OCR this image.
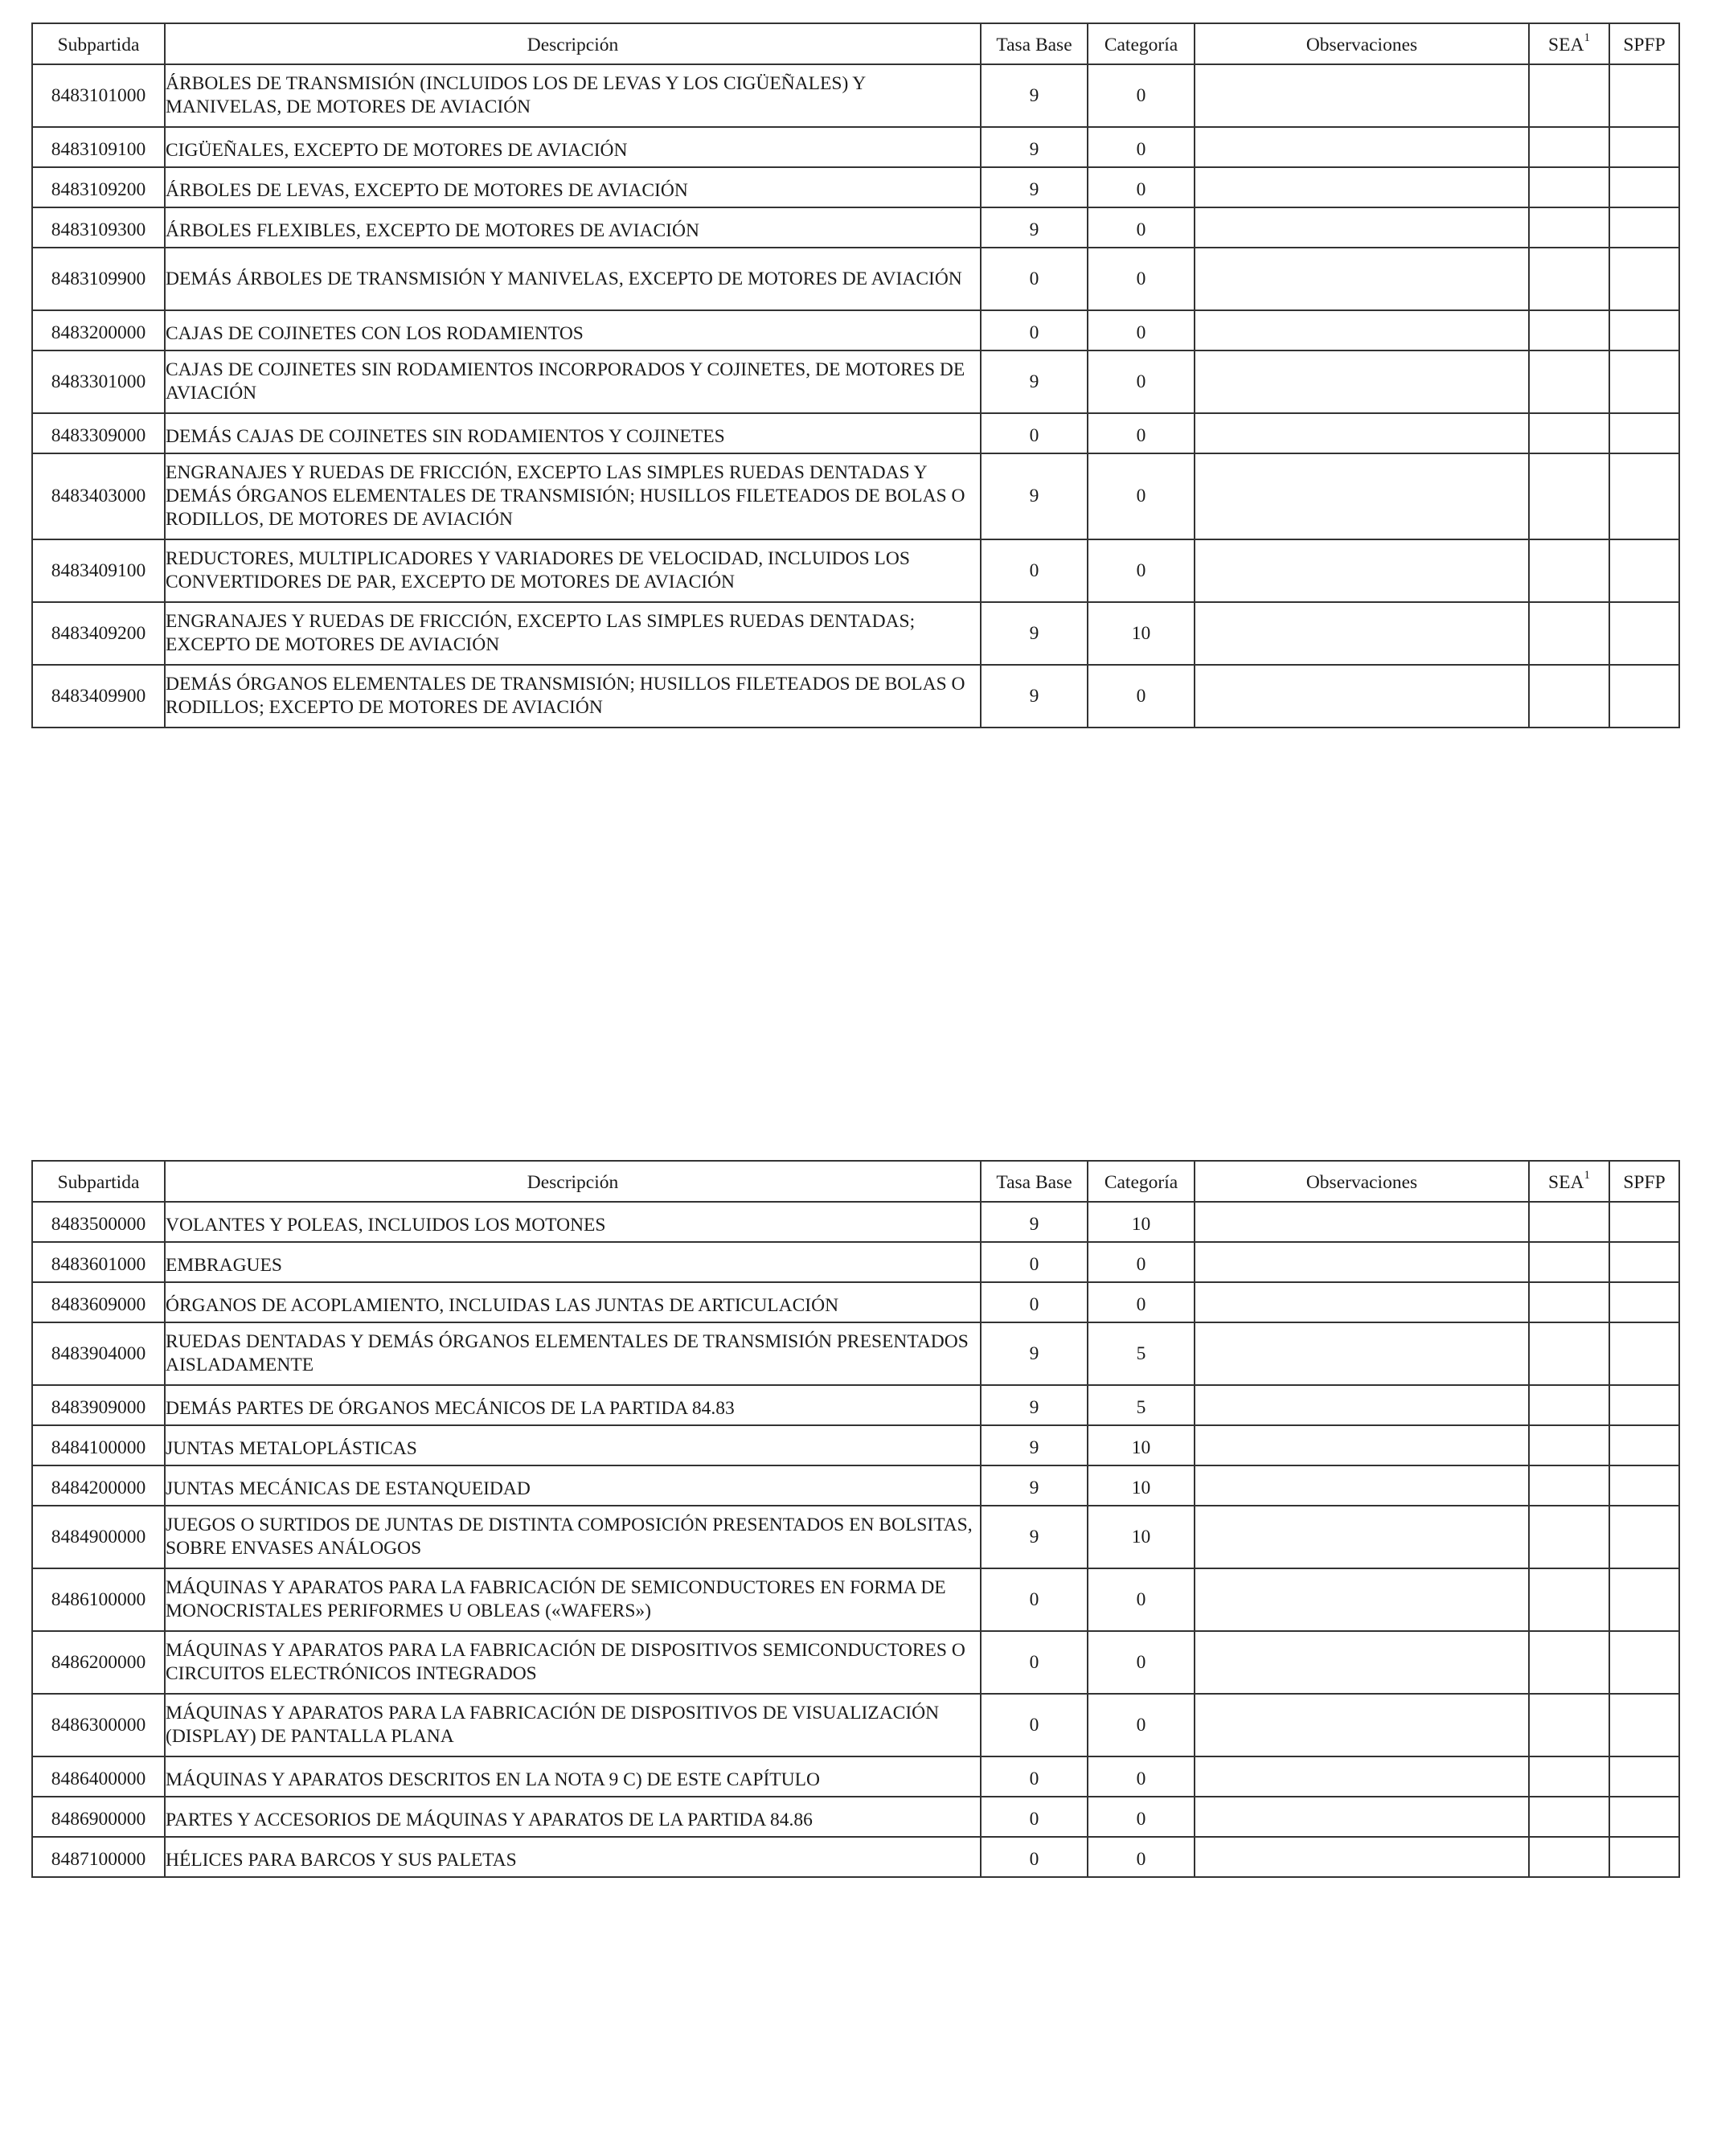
Subpartida	Descripción	Tasa Base	Categoría	Observaciones	SEA$^1$	SPFP
8483101000	ÁRBOLES DE TRANSMISIÓN (INCLUIDOS LOS DE LEVAS Y LOS CIGÜEÑALES) Y MANIVELAS, DE MOTORES DE AVIACIÓN	9	0			
8483109100	CIGÜEÑALES, EXCEPTO DE MOTORES DE AVIACIÓN	9	0			
8483109200	ÁRBOLES DE LEVAS, EXCEPTO DE MOTORES DE AVIACIÓN	9	0			
8483109300	ÁRBOLES FLEXIBLES, EXCEPTO DE MOTORES DE AVIACIÓN	9	0			
8483109900	DEMÁS ÁRBOLES DE TRANSMISIÓN Y MANIVELAS, EXCEPTO DE MOTORES DE AVIACIÓN	0	0			
8483200000	CAJAS DE COJINETES CON LOS RODAMIENTOS	0	0			
8483301000	CAJAS DE COJINETES SIN RODAMIENTOS INCORPORADOS Y COJINETES, DE MOTORES DE AVIACIÓN	9	0			
8483309000	DEMÁS CAJAS DE COJINETES SIN RODAMIENTOS Y COJINETES	0	0			
8483403000	ENGRANAJES Y RUEDAS DE FRICCIÓN, EXCEPTO LAS SIMPLES RUEDAS DENTADAS Y DEMÁS ÓRGANOS ELEMENTALES DE TRANSMISIÓN; HUSILLOS FILETEADOS DE BOLAS O RODILLOS, DE MOTORES DE AVIACIÓN	9	0			
8483409100	REDUCTORES, MULTIPLICADORES Y VARIADORES DE VELOCIDAD, INCLUIDOS LOS CONVERTIDORES DE PAR, EXCEPTO DE MOTORES DE AVIACIÓN	0	0			
8483409200	ENGRANAJES Y RUEDAS DE FRICCIÓN, EXCEPTO LAS SIMPLES RUEDAS DENTADAS; EXCEPTO DE MOTORES DE AVIACIÓN	9	10			
8483409900	DEMÁS ÓRGANOS ELEMENTALES DE TRANSMISIÓN; HUSILLOS FILETEADOS DE BOLAS O RODILLOS; EXCEPTO DE MOTORES DE AVIACIÓN	9	0			
Subpartida	Descripción	Tasa Base	Categoría	Observaciones	SEA$^1$	SPFP
8483500000	VOLANTES Y POLEAS, INCLUIDOS LOS MOTONES	9	10			
8483601000	EMBRAGUES	0	0			
8483609000	ÓRGANOS DE ACOPLAMIENTO, INCLUIDAS LAS JUNTAS DE ARTICULACIÓN	0	0			
8483904000	RUEDAS DENTADAS Y DEMÁS ÓRGANOS ELEMENTALES DE TRANSMISIÓN PRESENTADOS AISLADAMENTE	9	5			
8483909000	DEMÁS PARTES DE ÓRGANOS MECÁNICOS DE LA PARTIDA 84.83	9	5			
8484100000	JUNTAS METALOPLÁSTICAS	9	10			
8484200000	JUNTAS MECÁNICAS DE ESTANQUEIDAD	9	10			
8484900000	JUEGOS O SURTIDOS DE JUNTAS DE DISTINTA COMPOSICIÓN PRESENTADOS EN BOLSITAS, SOBRE ENVASES ANÁLOGOS	9	10			
8486100000	MÁQUINAS Y APARATOS PARA LA FABRICACIÓN DE SEMICONDUCTORES EN FORMA DE MONOCRISTALES PERIFORMES U OBLEAS («WAFERS»)	0	0			
8486200000	MÁQUINAS Y APARATOS PARA LA FABRICACIÓN DE DISPOSITIVOS SEMICONDUCTORES O CIRCUITOS ELECTRÓNICOS INTEGRADOS	0	0			
8486300000	MÁQUINAS Y APARATOS PARA LA FABRICACIÓN DE DISPOSITIVOS DE VISUALIZACIÓN (DISPLAY) DE PANTALLA PLANA	0	0			
8486400000	MÁQUINAS Y APARATOS DESCRITOS EN LA NOTA 9 C) DE ESTE CAPÍTULO	0	0			
8486900000	PARTES Y ACCESORIOS DE MÁQUINAS Y APARATOS DE LA PARTIDA 84.86	0	0			
8487100000	HÉLICES PARA BARCOS Y SUS PALETAS	0	0			
